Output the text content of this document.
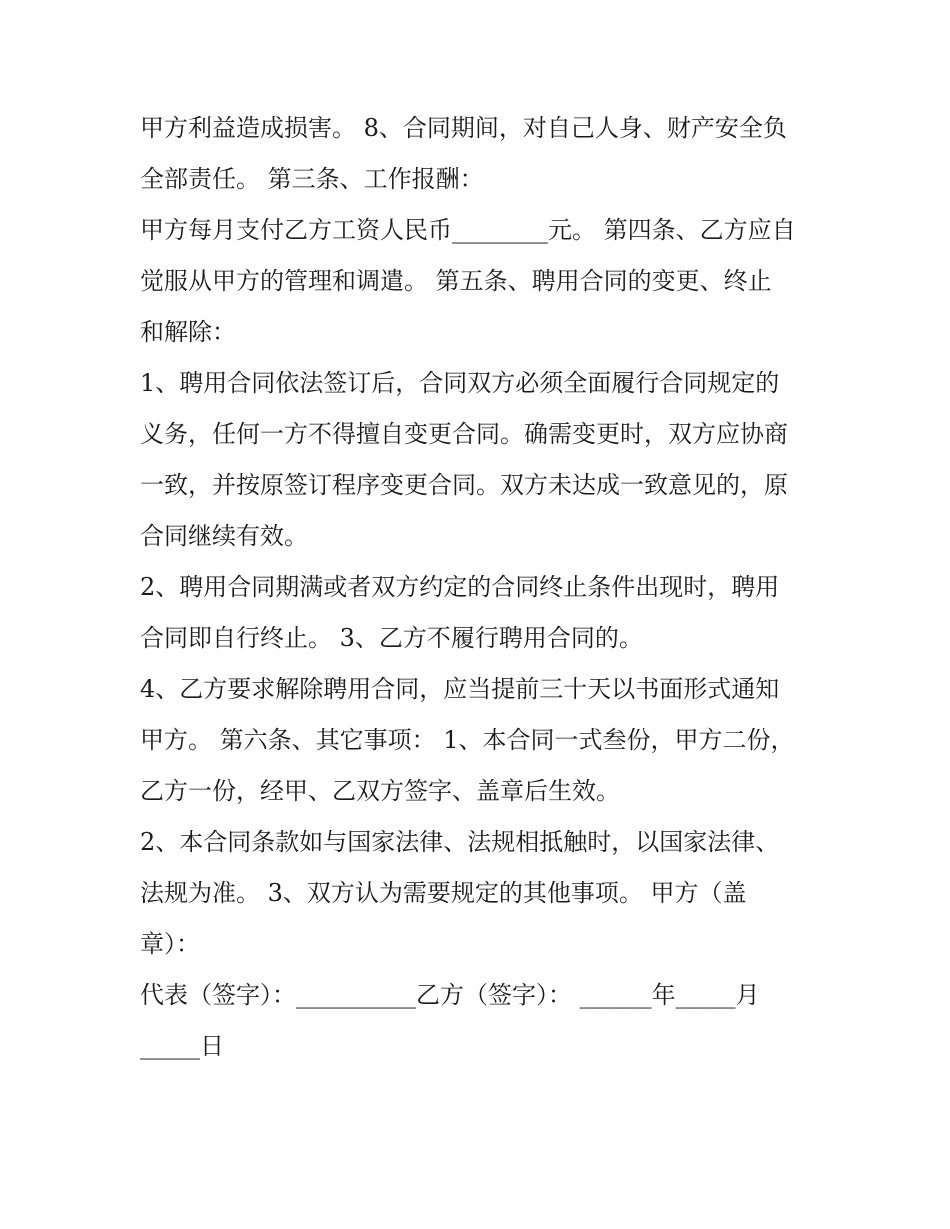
甲方利益造成损害。 8、合同期间，对自己人身、财产安全负
全部责任。 第三条、工作报酬：
甲方每月支付乙方工资人民币________元。 第四条、乙方应自
觉服从甲方的管理和调遣。 第五条、聘用合同的变更、终止
和解除：
1、聘用合同依法签订后，合同双方必须全面履行合同规定的
义务，任何一方不得擅自变更合同。确需变更时，双方应协商
一致，并按原签订程序变更合同。双方未达成一致意见的，原
合同继续有效。
2、聘用合同期满或者双方约定的合同终止条件出现时，聘用
合同即自行终止。 3、乙方不履行聘用合同的。
4、乙方要求解除聘用合同，应当提前三十天以书面形式通知
甲方。 第六条、其它事项： 1、本合同一式叁份，甲方二份，
乙方一份，经甲、乙双方签字、盖章后生效。
2、本合同条款如与国家法律、法规相抵触时，以国家法律、
法规为准。 3、双方认为需要规定的其他事项。 甲方（盖
章）：
代表（签字）：__________乙方（签字）： ______年_____月
_____日
